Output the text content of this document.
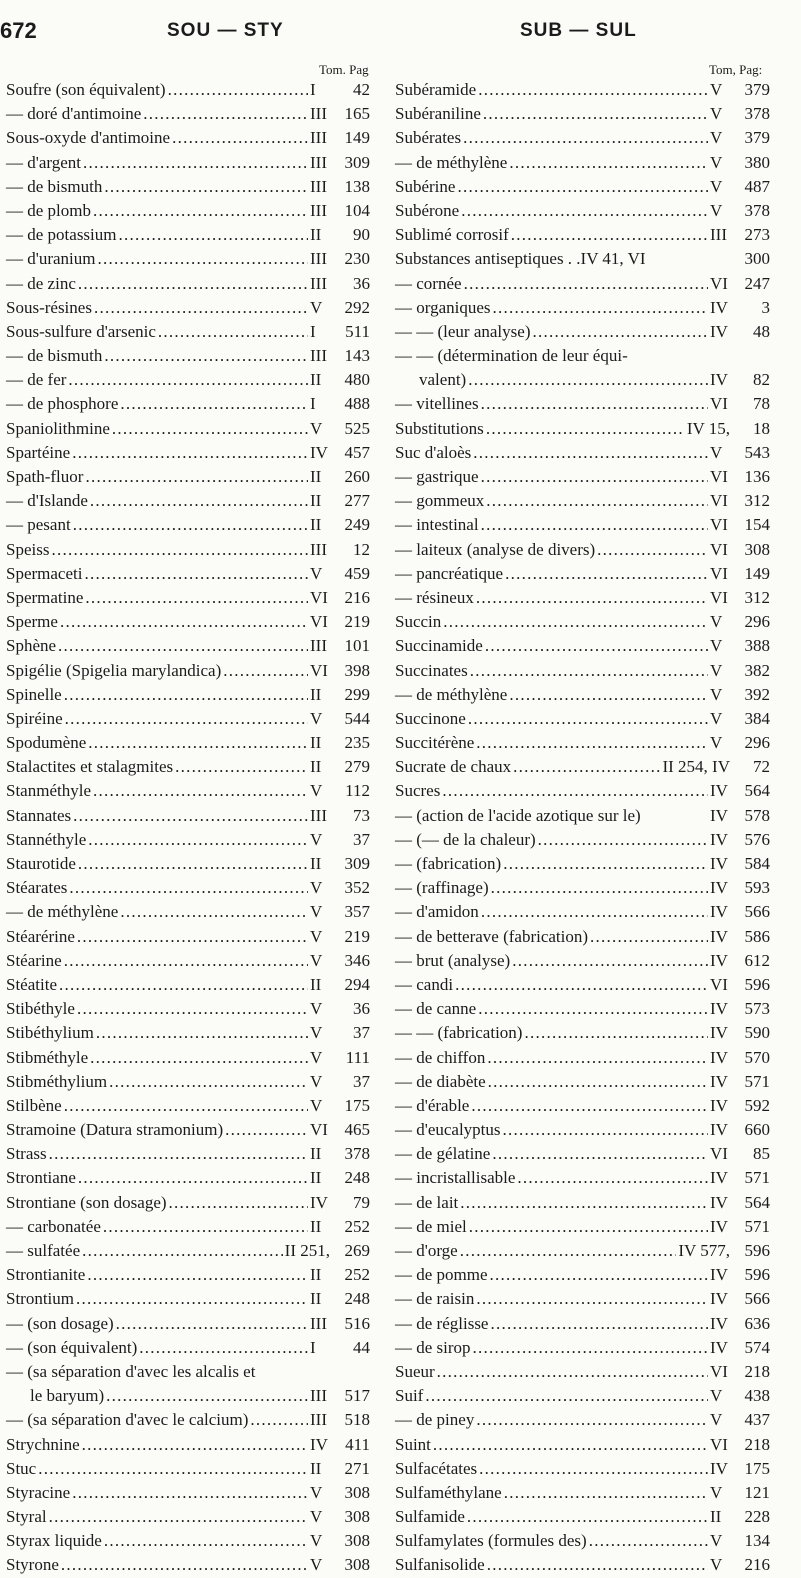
672	SOU — STY	SUB — SUL
Tom. Pag	Tom, Pag:
Soufre (son équivalent) . . .	I	42
— doré d'antimoine . . .	III	165
Sous-oxyde d'antimoine . . .	III	149
— d'argent . . .	III	309
— de bismuth . . .	III	138
— de plomb . . .	III	104
— de potassium . . .	II	90
— d'uranium . . .	III	230
— de zinc . . .	III	36
Sous-résines . . .	V	292
Sous-sulfure d'arsenic . . .	I	511
— de bismuth . . .	III	143
— de fer . . .	II	480
— de phosphore . . .	I	488
Spaniolithmine . . .	V	525
Spartéine . . .	IV 457
Spath-fluor . . .	II	260
— d'Islande . . .	II	277
— pesant . . .	II	249
Speiss . . .	III	12
Spermaceti . . .	V	459
Spermatine . . .	VI 216
Sperme . . .	VI 219
Sphène . . .	III	101
Spigélie (Spigelia marylandica) . . .	VI 398
Spinelle . . .	II	299
Spiréine . . .	V	544
Spodumène . . .	II	235
Stalactites et stalagmites . . .	II	279
Stanméthyle . . .	V	112
Stannates . . .	III	73
Stannéthyle . . .	V	37
Staurotide . . .	II	309
Stéarates . . .	V	352
— de méthylène . . .	V	357
Stéarérine . . .	V	219
Stéarine . . .	V	346
Stéatite . . .	II	294
Stibéthyle . . .	V	36
Stibéthylium . . .	V	37
Stibméthyle . . .	V	111
Stibméthylium . . .	V	37
Stilbène . . .	V	175
Stramoine (Datura stramonium) . . .	VI 465
Strass . . .	II	378
Strontiane . . .	II	248
Strontiane (son dosage) . . .	IV	79
— carbonatée . . .	II	252
— sulfatée . . .	II 251, 269
Strontianite . . .	II	252
Strontium . . .	II	248
— (son dosage) . . .	III	516
— (son équivalent) . . .	I	44
— (sa séparation d'avec les alcalis et
le baryum) . . .	III	517
— (sa séparation d'avec le calcium) . . .	III	518
Strychnine . . .	IV	411
Stuc . . .	II	271
Styracine . . .	V	308
Styral . . .	V	308
Styrax liquide . . .	V	308
Styrone . . .	V	308
Subéramide . . .	V	379
Subéraniline . . .	V	378
Subérates . . .	V	379
— de méthylène . . .	V	380
Subérine . . .	V	487
Subérone . . .	V	378
Sublimé corrosif . . .	III	273
Substances antiseptiques . .IV 41, VI	300
— cornée . . .	VI 247
— organiques . . .	IV	3
— — (leur analyse) . . .	IV	48
— — (détermination de leur équi-
valent) . . .	IV	82
— vitellines . . .	VI	78
Substitutions . . .	IV 15,	18
Suc d'aloès . . .	V	543
— gastrique . . .	VI 136
— gommeux . . .	VI 312
— intestinal . . .	VI 154
— laiteux (analyse de divers) . . .	VI 308
— pancréatique . . .	VI 149
— résineux . . .	VI 312
Succin . . .	V	296
Succinamide . . .	V	388
Succinates . . .	V	382
— de méthylène . . .	V	392
Succinone . . .	V	384
Succitérène . . .	V	296
Sucrate de chaux . . .	II 254, IV	72
Sucres . . .	IV 564
— (action de l'acide azotique sur le)	IV 578
— (— de la chaleur) . . .	IV 576
— (fabrication) . . .	IV 584
— (raffinage) . . .	IV 593
— d'amidon . . .	IV 566
— de betterave (fabrication) . . .	IV 586
— brut (analyse) . . .	IV 612
— candi . . .	VI 596
— de canne . . .	IV 573
— — (fabrication) . . .	IV 590
— de chiffon . . .	IV 570
— de diabète . . .	IV 571
— d'érable . . .	IV 592
— d'eucalyptus . . .	IV 660
— de gélatine . . .	VI	85
— incristallisable . . .	IV 571
— de lait . . .	IV 564
— de miel . . .	IV 571
— d'orge . . .	IV 577, 596
— de pomme . . .	IV 596
— de raisin . . .	IV 566
— de réglisse . . .	IV 636
— de sirop . . .	IV 574
Sueur . . .	VI 218
Suif . . .	V	438
— de piney . . .	V	437
Suint . . .	VI 218
Sulfacétates . . .	IV 175
Sulfaméthylane . . .	V	121
Sulfamide . . .	II	228
Sulfamylates (formules des) . . .	V	134
Sulfanisolide . . .	V	216
